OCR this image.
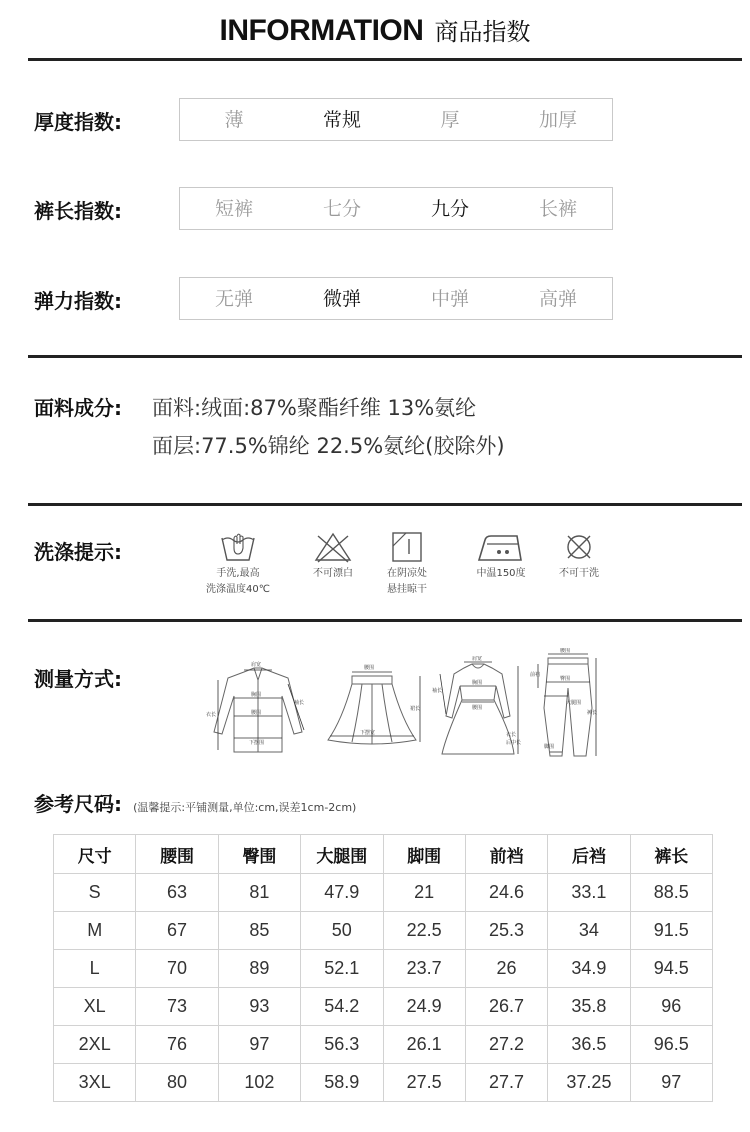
INFORMATION 商品指数
厚度指数:	薄	常规	厚	加厚
裤长指数:	短裤	七分	九分	长裤
弹力指数:	无弹	微弹	中弹	高弹
面料成分: 面料:绒面:87%聚酯纤维 13%氨纶
面层:77.5%锦纶 22.5%氨纶(胶除外)
洗涤提示:
手洗,最高
洗涤温度40℃
不可漂白	在阴凉处
悬挂晾干
中温150度	不可干洗
测量方式:
肩宽
胸围
腰围
下摆围
衣长
袖长
腰围
下摆宽
裙长
肩宽
胸围
腰围
袖长
衣长
后中长
腰围
臀围
前裆
大腿围
脚围
裤长
参考尺码: (温馨提示:平铺测量,单位:cm,误差1cm-2cm)
尺寸	腰围	臀围	大腿围	脚围	前裆	后裆	裤长
S	63	81	47.9	21	24.6	33.1	88.5
M	67	85	50	22.5	25.3	34	91.5
L	70	89	52.1	23.7	26	34.9	94.5
XL	73	93	54.2	24.9	26.7	35.8	96
2XL	76	97	56.3	26.1	27.2	36.5	96.5
3XL	80	102	58.9	27.5	27.7	37.25	97
